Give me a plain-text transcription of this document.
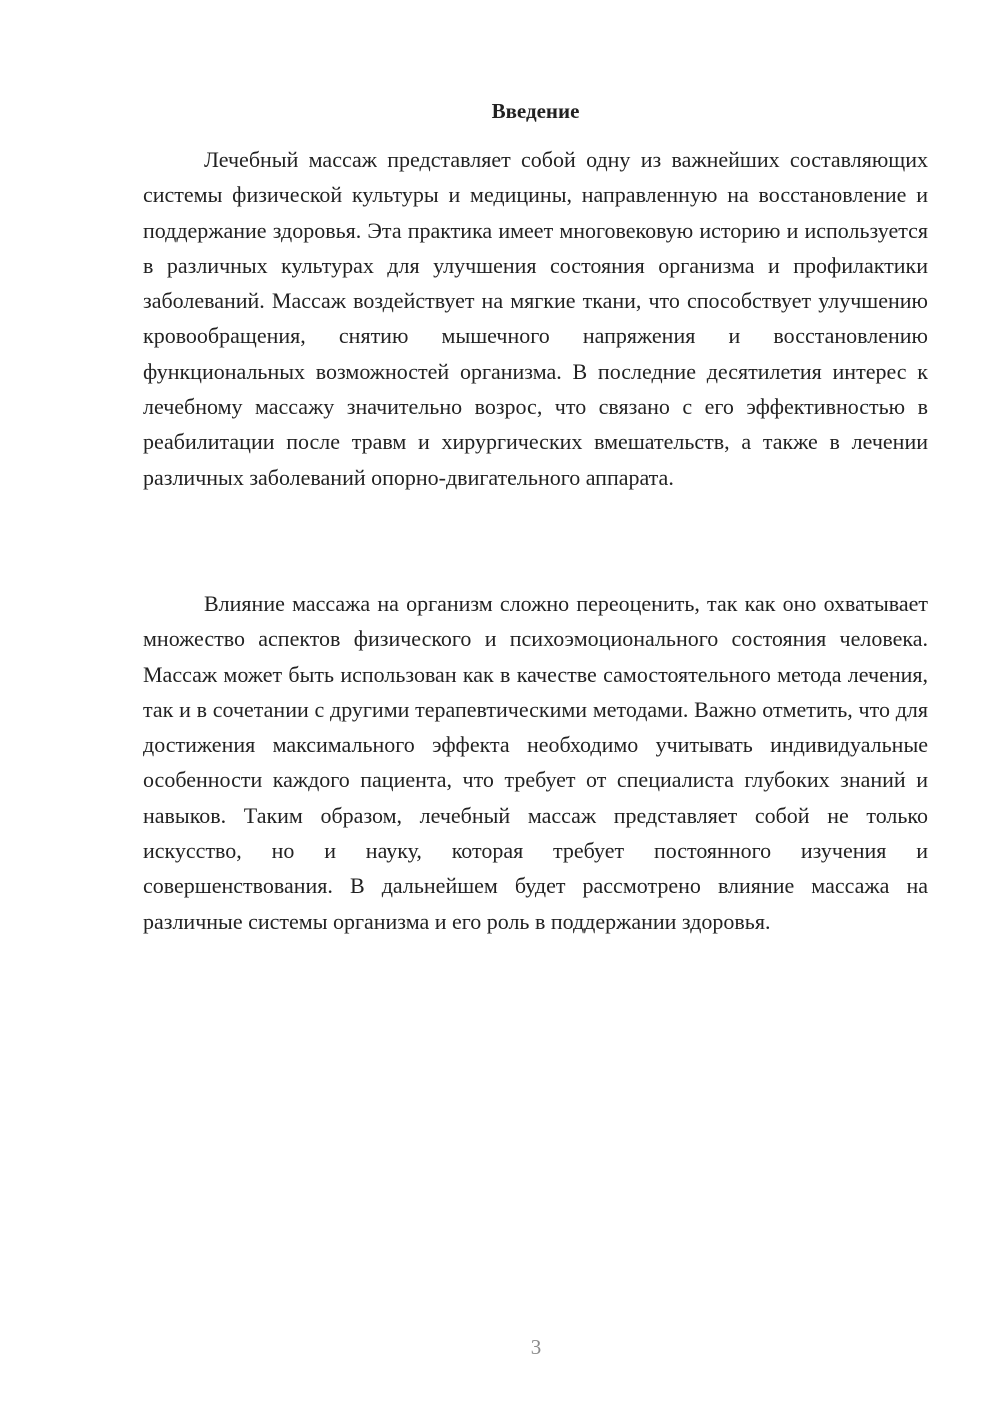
Введение

Лечебный массаж представляет собой одну из важнейших составляющих системы физической культуры и медицины, направленную на восстановление и поддержание здоровья. Эта практика имеет многовековую историю и используется в различных культурах для улучшения состояния организма и профилактики заболеваний. Массаж воздействует на мягкие ткани, что способствует улучшению кровообращения, снятию мышечного напряжения и восстановлению функциональных возможностей организма. В последние десятилетия интерес к лечебному массажу значительно возрос, что связано с его эффективностью в реабилитации после травм и хирургических вмешательств, а также в лечении различных заболеваний опорно-двигательного аппарата.

Влияние массажа на организм сложно переоценить, так как оно охватывает множество аспектов физического и психоэмоционального состояния человека. Массаж может быть использован как в качестве самостоятельного метода лечения, так и в сочетании с другими терапевтическими методами. Важно отметить, что для достижения максимального эффекта необходимо учитывать индивидуальные особенности каждого пациента, что требует от специалиста глубоких знаний и навыков. Таким образом, лечебный массаж представляет собой не только искусство, но и науку, которая требует постоянного изучения и совершенствования. В дальнейшем будет рассмотрено влияние массажа на различные системы организма и его роль в поддержании здоровья.

3
